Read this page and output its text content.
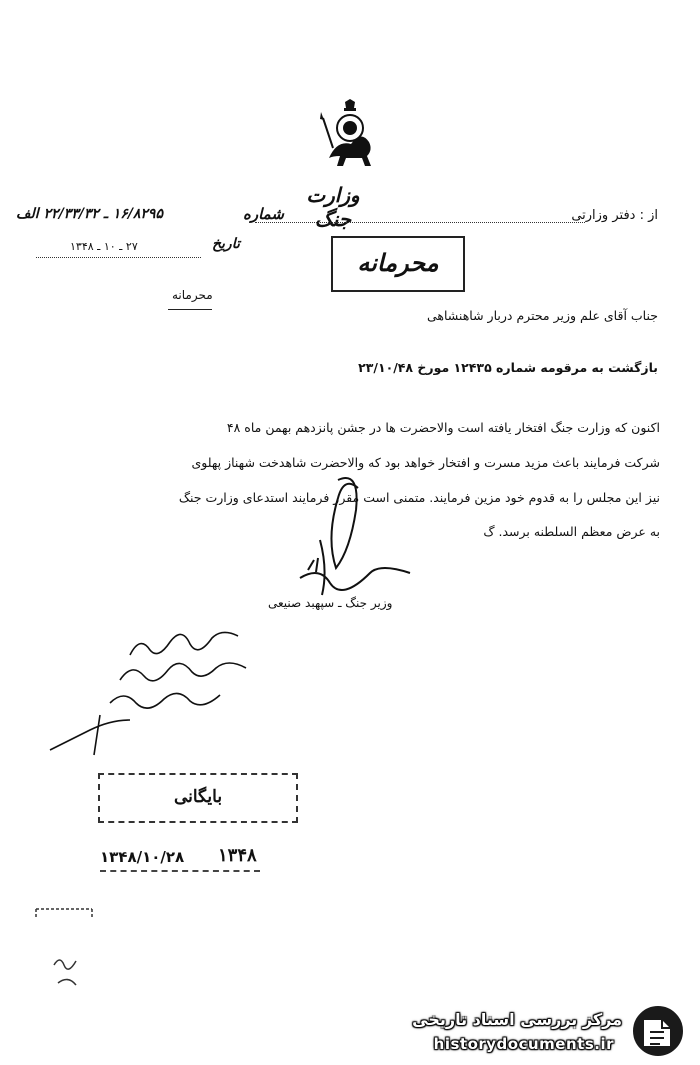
وزارت جنگ	از : دفتر وزارتی
شماره
۱۶/۸۲۹۵ ـ ۲۲/۳۳/۳۲ الف
تاریخ
۲۷ ـ ۱۰ ـ ۱۳۴۸
محرمانه
محرمانه
جناب آقای علم وزیر محترم دربار شاهنشاهی
بازگشت به مرقومه شماره ۱۲۴۳۵ مورخ ۲۳/۱۰/۴۸
اکنون که وزارت جنگ افتخار یافته است والاحضرت ها در جشن پانزدهم بهمن ماه ۴۸
شرکت فرمایند باعث مزید مسرت و افتخار خواهد بود که والاحضرت شاهدخت شهناز پهلوی
نیز این مجلس را به قدوم خود مزین فرمایند. متمنی است مقرر فرمایند استدعای وزارت جنگ
به عرض معظم السلطنه برسد. گ
وزیر جنگ ـ سپهبد صنیعی
بایگانی
۱۳۴۸/۱۰/۲۸ ۱۳۴۸
مرکز بررسی اسناد تاریخی
historydocuments.ir
